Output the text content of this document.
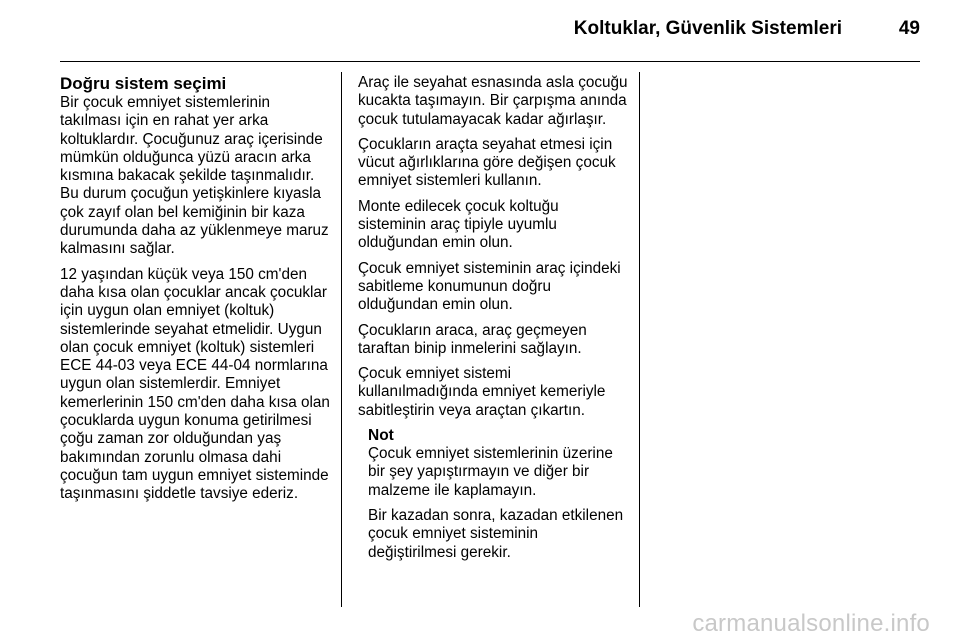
Koltuklar, Güvenlik Sistemleri	49
Doğru sistem seçimi

Bir çocuk emniyet sistemlerinin takılması için en rahat yer arka koltuklardır. Çocuğunuz araç içerisinde mümkün olduğunca yüzü aracın arka kısmına bakacak şekilde taşınmalıdır. Bu durum çocuğun yetişkinlere kıyasla çok zayıf olan bel kemiğinin bir kaza durumunda daha az yüklenmeye maruz kalmasını sağlar.

12 yaşından küçük veya 150 cm'den daha kısa olan çocuklar ancak çocuklar için uygun olan emniyet (koltuk) sistemlerinde seyahat etmelidir. Uygun olan çocuk emniyet (koltuk) sistemleri ECE 44-03 veya ECE 44-04 normlarına uygun olan sistemlerdir. Emniyet kemerlerinin 150 cm'den daha kısa olan çocuklarda uygun konuma getirilmesi çoğu zaman zor olduğundan yaş bakımından zorunlu olmasa dahi çocuğun tam uygun emniyet sisteminde taşınmasını şiddetle tavsiye ederiz.

Araç ile seyahat esnasında asla çocuğu kucakta taşımayın. Bir çarpışma anında çocuk tutulamayacak kadar ağırlaşır.

Çocukların araçta seyahat etmesi için vücut ağırlıklarına göre değişen çocuk emniyet sistemleri kullanın.

Monte edilecek çocuk koltuğu sisteminin araç tipiyle uyumlu olduğundan emin olun.

Çocuk emniyet sisteminin araç içindeki sabitleme konumunun doğru olduğundan emin olun.

Çocukların araca, araç geçmeyen taraftan binip inmelerini sağlayın.

Çocuk emniyet sistemi kullanılmadığında emniyet kemeriyle sabitleştirin veya araçtan çıkartın.

Not

Çocuk emniyet sistemlerinin üzerine bir şey yapıştırmayın ve diğer bir malzeme ile kaplamayın.

Bir kazadan sonra, kazadan etkilenen çocuk emniyet sisteminin değiştirilmesi gerekir.

carmanualsonline.info
